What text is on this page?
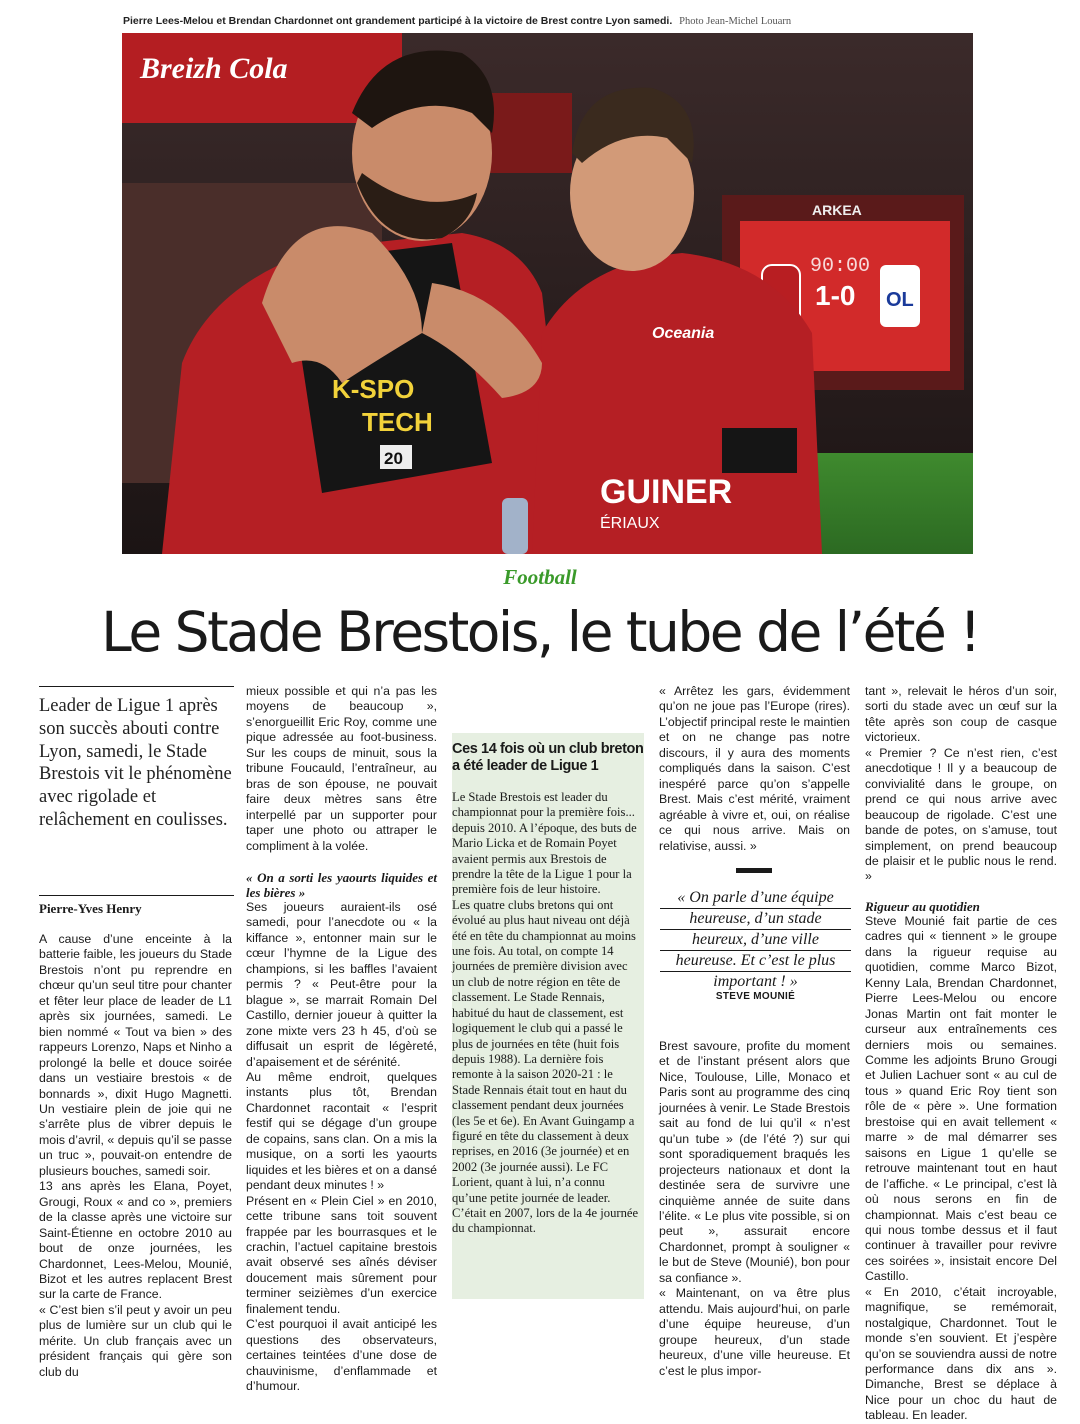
Pierre Lees-Melou et Brendan Chardonnet ont grandement participé à la victoire de Brest contre Lyon samedi. Photo Jean-Michel Louarn
Breizh Cola
ARKEA
90:00
1-0 OL
K-SPO
TECH
20
Oceania
GUINER
ÉRIAUX
Football
Le Stade Brestois, le tube de l’été !
Leader de Ligue 1 après son succès abouti contre Lyon, samedi, le Stade Brestois vit le phénomène avec rigolade et relâchement en coulisses.
Pierre-Yves Henry

A cause d’une enceinte à la batterie faible, les joueurs du Stade Brestois n’ont pu reprendre en chœur qu’un seul titre pour chanter et fêter leur place de leader de L1 après six journées, samedi. Le bien nommé « Tout va bien » des rappeurs Lorenzo, Naps et Ninho a prolongé la belle et douce soirée dans un vestiaire brestois « de bonnards », dixit Hugo Magnetti. Un vestiaire plein de joie qui ne s’arrête plus de vibrer depuis le mois d’avril, « depuis qu’il se passe un truc », pouvait-on entendre de plusieurs bouches, samedi soir.

13 ans après les Elana, Poyet, Grougi, Roux « and co », premiers de la classe après une victoire sur Saint-Étienne en octobre 2010 au bout de onze journées, les Chardonnet, Lees-Melou, Mounié, Bizot et les autres replacent Brest sur la carte de France.

« C’est bien s’il peut y avoir un peu plus de lumière sur un club qui le mérite. Un club français avec un président français qui gère son club du

mieux possible et qui n’a pas les moyens de beaucoup », s’enorgueillit Eric Roy, comme une pique adressée au foot-business. Sur les coups de minuit, sous la tribune Foucauld, l’entraîneur, au bras de son épouse, ne pouvait faire deux mètres sans être interpellé par un supporter pour taper une photo ou attraper le compliment à la volée.

« On a sorti les yaourts liquides et les bières »

Ses joueurs auraient-ils osé samedi, pour l’anecdote ou « la kiffance », entonner main sur le cœur l’hymne de la Ligue des champions, si les baffles l’avaient permis ? « Peut-être pour la blague », se marrait Romain Del Castillo, dernier joueur à quitter la zone mixte vers 23 h 45, d’où se diffusait un esprit de légèreté, d’apaisement et de sérénité.

Au même endroit, quelques instants plus tôt, Brendan Chardonnet racontait « l’esprit festif qui se dégage d’un groupe de copains, sans clan. On a mis la musique, on a sorti les yaourts liquides et les bières et on a dansé pendant deux minutes ! »

Présent en « Plein Ciel » en 2010, cette tribune sans toit souvent frappée par les bourrasques et le crachin, l’actuel capitaine brestois avait observé ses aînés déviser doucement mais sûrement pour terminer seizièmes d’un exercice finalement tendu.

C’est pourquoi il avait anticipé les questions des observateurs, certaines teintées d’une dose de chauvinisme, d’enflammade et d’humour.

Ces 14 fois où un club breton a été leader de Ligue 1

Le Stade Brestois est leader du championnat pour la première fois... depuis 2010. A l’époque, des buts de Mario Licka et de Romain Poyet avaient permis aux Brestois de prendre la tête de la Ligue 1 pour la première fois de leur histoire.

Les quatre clubs bretons qui ont évolué au plus haut niveau ont déjà été en tête du championnat au moins une fois. Au total, on compte 14 journées de première division avec un club de notre région en tête de classement. Le Stade Rennais, habitué du haut de classement, est logiquement le club qui a passé le plus de journées en tête (huit fois depuis 1988). La dernière fois remonte à la saison 2020-21 : le Stade Rennais était tout en haut du classement pendant deux journées (les 5e et 6e). En Avant Guingamp a figuré en tête du classement à deux reprises, en 2016 (3e journée) et en 2002 (3e journée aussi). Le FC Lorient, quant à lui, n’a connu qu’une petite journée de leader. C’était en 2007, lors de la 4e journée du championnat.

« Arrêtez les gars, évidemment qu’on ne joue pas l’Europe (rires). L’objectif principal reste le maintien et on ne change pas notre discours, il y aura des moments compliqués dans la saison. C’est inespéré parce qu’on s’appelle Brest. Mais c’est mérité, vraiment agréable à vivre et, oui, on réalise ce qui nous arrive. Mais on relativise, aussi. »

« On parle d’une équipe
heureuse, d’un stade
heureux, d’une ville
heureuse. Et c’est le plus
important ! »
STEVE MOUNIÉ

Brest savoure, profite du moment et de l’instant présent alors que Nice, Toulouse, Lille, Monaco et Paris sont au programme des cinq journées à venir. Le Stade Brestois sait au fond de lui qu’il « n’est qu’un tube » (de l’été ?) sur qui sont sporadiquement braqués les projecteurs nationaux et dont la destinée sera de survivre une cinquième année de suite dans l’élite. « Le plus vite possible, si on peut », assurait encore Chardonnet, prompt à souligner « le but de Steve (Mounié), bon pour sa confiance ».

« Maintenant, on va être plus attendu. Mais aujourd’hui, on parle d’une équipe heureuse, d’un groupe heureux, d’un stade heureux, d’une ville heureuse. Et c’est le plus impor-

tant », relevait le héros d’un soir, sorti du stade avec un œuf sur la tête après son coup de casque victorieux.

« Premier ? Ce n’est rien, c’est anecdotique ! Il y a beaucoup de convivialité dans le groupe, on prend ce qui nous arrive avec beaucoup de rigolade. C’est une bande de potes, on s’amuse, tout simplement, on prend beaucoup de plaisir et le public nous le rend. »

Rigueur au quotidien

Steve Mounié fait partie de ces cadres qui « tiennent » le groupe dans la rigueur requise au quotidien, comme Marco Bizot, Kenny Lala, Brendan Chardonnet, Pierre Lees-Melou ou encore Jonas Martin ont fait monter le curseur aux entraînements ces derniers mois ou semaines. Comme les adjoints Bruno Grougi et Julien Lachuer sont « au cul de tous » quand Eric Roy tient son rôle de « père ». Une formation brestoise qui en avait tellement « marre » de mal démarrer ses saisons en Ligue 1 qu’elle se retrouve maintenant tout en haut de l’affiche. « Le principal, c’est là où nous serons en fin de championnat. Mais c’est beau ce qui nous tombe dessus et il faut continuer à travailler pour revivre ces soirées », insistait encore Del Castillo.

« En 2010, c’était incroyable, magnifique, se remémorait, nostalgique, Chardonnet. Tout le monde s’en souvient. Et j’espère qu’on se souviendra aussi de notre performance dans dix ans ». Dimanche, Brest se déplace à Nice pour un choc du haut de tableau. En leader.
